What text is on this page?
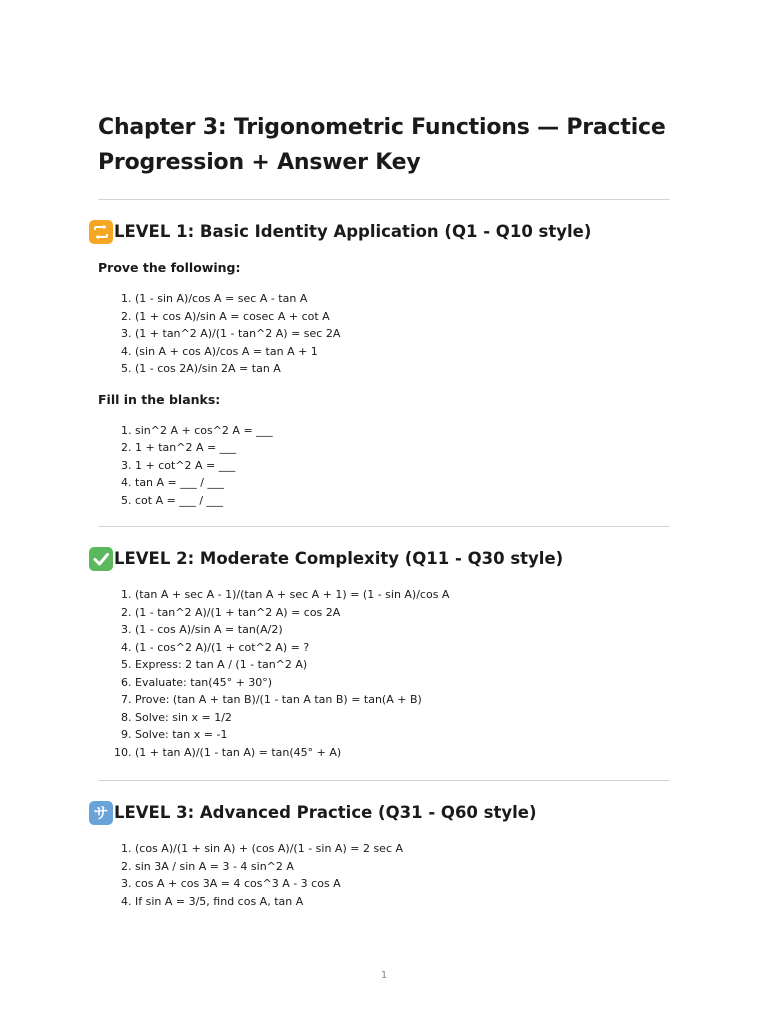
Chapter 3: Trigonometric Functions — Practice Progression + Answer Key
LEVEL 1: Basic Identity Application (Q1 - Q10 style)
Prove the following:
1. (1 - sin A)/cos A = sec A - tan A
2. (1 + cos A)/sin A = cosec A + cot A
3. (1 + tan^2 A)/(1 - tan^2 A) = sec 2A
4. (sin A + cos A)/cos A = tan A + 1
5. (1 - cos 2A)/sin 2A = tan A
Fill in the blanks:
1. sin^2 A + cos^2 A = ___
2. 1 + tan^2 A = ___
3. 1 + cot^2 A = ___
4. tan A = ___ / ___
5. cot A = ___ / ___
LEVEL 2: Moderate Complexity (Q11 - Q30 style)
1. (tan A + sec A - 1)/(tan A + sec A + 1) = (1 - sin A)/cos A
2. (1 - tan^2 A)/(1 + tan^2 A) = cos 2A
3. (1 - cos A)/sin A = tan(A/2)
4. (1 - cos^2 A)/(1 + cot^2 A) = ?
5. Express: 2 tan A / (1 - tan^2 A)
6. Evaluate: tan(45° + 30°)
7. Prove: (tan A + tan B)/(1 - tan A tan B) = tan(A + B)
8. Solve: sin x = 1/2
9. Solve: tan x = -1
10. (1 + tan A)/(1 - tan A) = tan(45° + A)
サ LEVEL 3: Advanced Practice (Q31 - Q60 style)
1. (cos A)/(1 + sin A) + (cos A)/(1 - sin A) = 2 sec A
2. sin 3A / sin A = 3 - 4 sin^2 A
3. cos A + cos 3A = 4 cos^3 A - 3 cos A
4. If sin A = 3/5, find cos A, tan A
1
